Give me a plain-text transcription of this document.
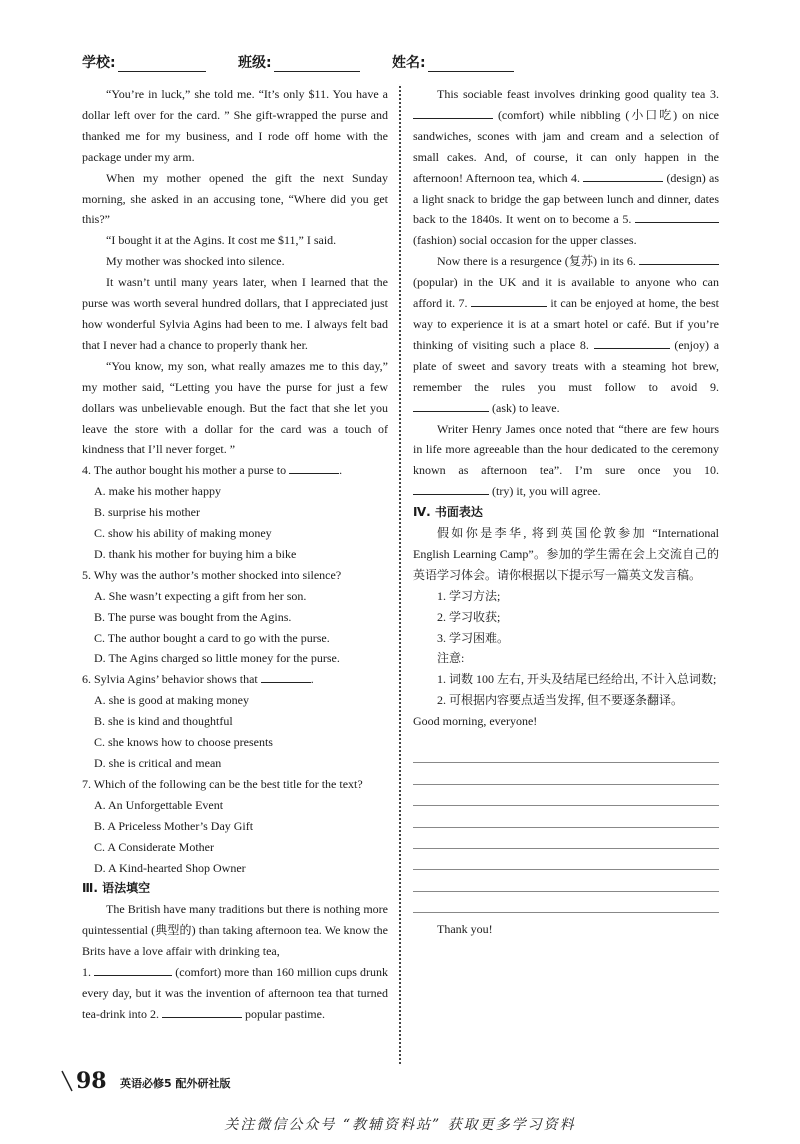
学校:	班级:	姓名:

“You’re in luck,” she told me. “It’s only $11. You have a dollar left over for the card. ” She gift-wrapped the purse and thanked me for my business, and I rode off home with the package under my arm.

When my mother opened the gift the next Sunday morning, she asked in an accusing tone, “Where did you get this?”

“I bought it at the Agins. It cost me $11,” I said.

My mother was shocked into silence.

It wasn’t until many years later, when I learned that the purse was worth several hundred dollars, that I appreciated just how wonderful Sylvia Agins had been to me. I always felt bad that I never had a chance to properly thank her.

“You know, my son, what really amazes me to this day,” my mother said, “Letting you have the purse for just a few dollars was unbelievable enough. But the fact that she let you leave the store with a dollar for the card was a touch of kindness that I’ll never forget. ”

4. The author bought his mother a purse to	.

A. make his mother happy

B. surprise his mother

C. show his ability of making money

D. thank his mother for buying him a bike

5. Why was the author’s mother shocked into silence?

A. She wasn’t expecting a gift from her son.

B. The purse was bought from the Agins.

C. The author bought a card to go with the purse.

D. The Agins charged so little money for the purse.

6. Sylvia Agins’ behavior shows that	.

A. she is good at making money

B. she is kind and thoughtful

C. she knows how to choose presents

D. she is critical and mean

7. Which of the following can be the best title for the text?

A. An Unforgettable Event

B. A Priceless Mother’s Day Gift

C. A Considerate Mother

D. A Kind-hearted Shop Owner

Ⅲ. 语法填空

The British have many traditions but there is nothing more quintessential (典型的) than taking afternoon tea. We know the Brits have a love affair with drinking tea,
1.	(comfort) more than 160 million cups drunk every day, but it was the invention of afternoon tea that turned tea-drink into 2.	popular pastime.

This sociable feast involves drinking good quality tea 3.  (comfort) while nibbling (小口吃) on nice sandwiches, scones with jam and cream and a selection of small cakes. And, of course, it can only happen in the afternoon! Afternoon tea, which 4.	(design) as a light snack to bridge the gap between lunch and dinner, dates back to the 1840s. It went on to become a 5.  (fashion) social occasion for the upper classes.

Now there is a resurgence (复苏) in its 6.  (popular) in the UK and it is available to anyone who can afford it. 7.	it can be enjoyed at home, the best way to experience it is at a smart hotel or café. But if you’re thinking of visiting such a place 8.	(enjoy) a plate of sweet and savory treats with a steaming hot brew, remember the rules you must follow to avoid 9.  (ask) to leave.

Writer Henry James once noted that “there are few hours in life more agreeable than the hour dedicated to the ceremony known as afternoon tea”. I’m sure once you 10.  (try) it, you will agree.

Ⅳ. 书面表达

假如你是李华, 将到英国伦敦参加 “International English Learning Camp”。参加的学生需在会上交流自己的英语学习体会。请你根据以下提示写一篇英文发言稿。

1. 学习方法;

2. 学习收获;

3. 学习困难。

注意:

1. 词数 100 左右, 开头及结尾已经给出, 不计入总词数;

2. 可根据内容要点适当发挥, 但不要逐条翻译。

Good morning, everyone!

Thank you!

98 英语必修5 配外研社版
关注微信公众号 “教辅资料站” 获取更多学习资料
